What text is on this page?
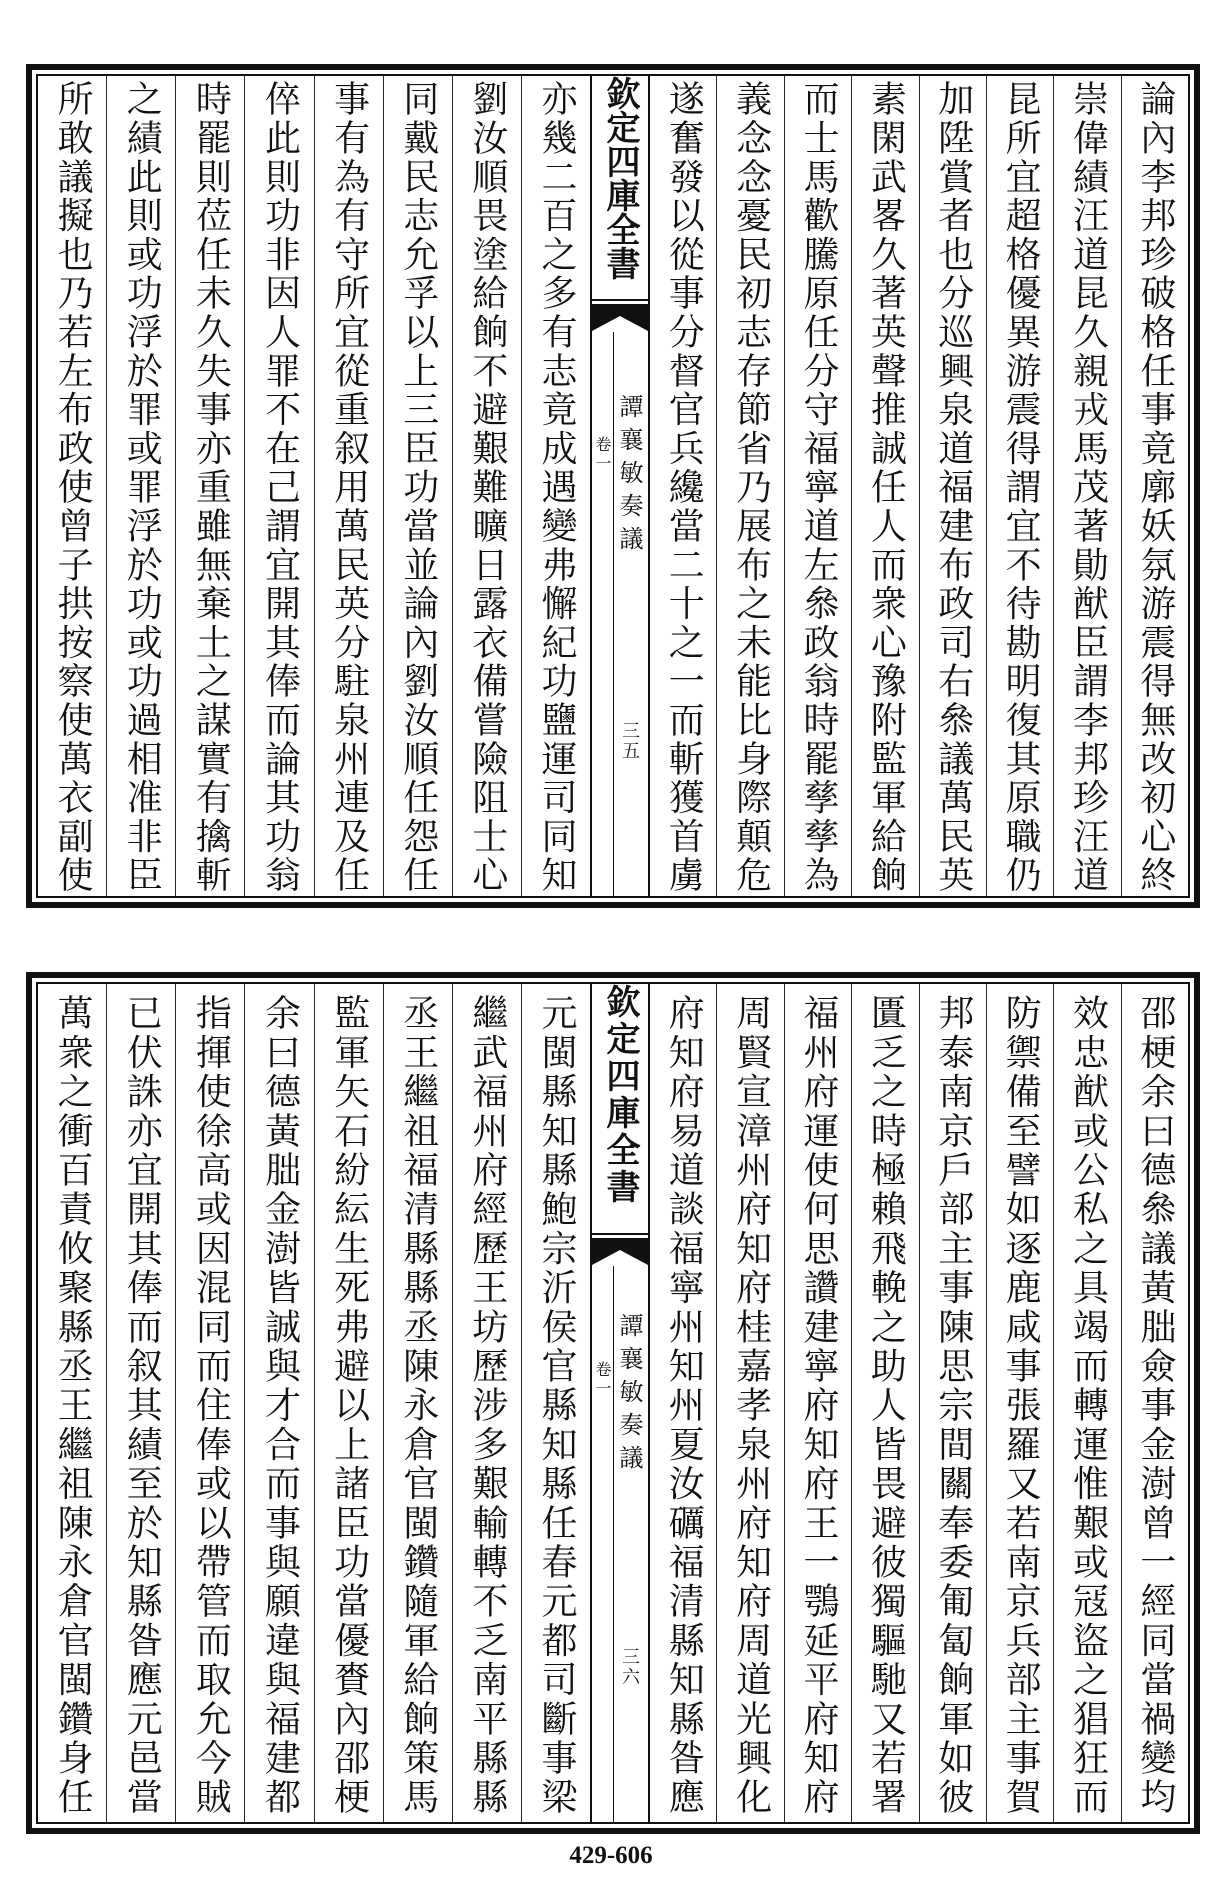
亦幾二百之多有志竟成遇變弗懈紀功鹽運司同知
劉汝順畏塗給餉不避艱難曠日露衣備嘗險阻士心
同戴民志允孚以上三臣功當並論內劉汝順任怨任
事有為有守所宜從重叙用萬民英分駐泉州連及任
倅此則功非因人罪不在己謂宜開其俸而論其功翁
時罷則莅任未久失事亦重雖無棄土之謀實有擒斬
之績此則或功浮於罪或罪浮於功或功過相准非臣
所敢議擬也乃若左布政使曾子拱按察使萬衣副使	欽定四庫全書
譚襄敏奏議
卷一
三五	論內李邦珍破格任事竟廓妖氛游震得無改初心終
崇偉績汪道昆久親戎馬茂著勛猷臣謂李邦珍汪道
昆所宜超格優異游震得謂宜不待勘明復其原職仍
加陞賞者也分巡興泉道福建布政司右叅議萬民英
素閑武畧久著英聲推誠任人而衆心豫附監軍給餉
而士馬歡騰原任分守福寧道左叅政翁時罷孳孳為
義念念憂民初志存節省乃展布之未能比身際顛危
遂奮發以從事分督官兵纔當二十之一而斬獲首虜
元閩縣知縣鮑宗沂侯官縣知縣任春元都司斷事梁
繼武福州府經歷王坊歷涉多艱輸轉不乏南平縣縣
丞王繼祖福清縣縣丞陳永倉官閩鑽隨軍給餉策馬
監軍矢石紛紜生死弗避以上諸臣功當優賚內邵梗
余曰德黃朏金澍皆誠與才合而事與願違與福建都
指揮使徐高或因混同而住俸或以帶管而取允今賊
已伏誅亦宜開其俸而叙其績至於知縣昝應元邑當
萬衆之衝百責攸聚縣丞王繼祖陳永倉官閩鑽身任	欽定四庫全書
譚襄敏奏議
卷一
三六	邵梗余曰德叅議黃朏僉事金澍曾一經同當禍變均
效忠猷或公私之具竭而轉運惟艱或冦盜之猖狂而
防禦備至譬如逐鹿咸事張羅又若南京兵部主事賀
邦泰南京戶部主事陳思宗間關奉委匍匐餉軍如彼
匱乏之時極賴飛輓之助人皆畏避彼獨驅馳又若署
福州府運使何思讚建寧府知府王一鶚延平府知府
周賢宣漳州府知府桂嘉孝泉州府知府周道光興化
府知府易道談福寧州知州夏汝礪福清縣知縣昝應
429-606
